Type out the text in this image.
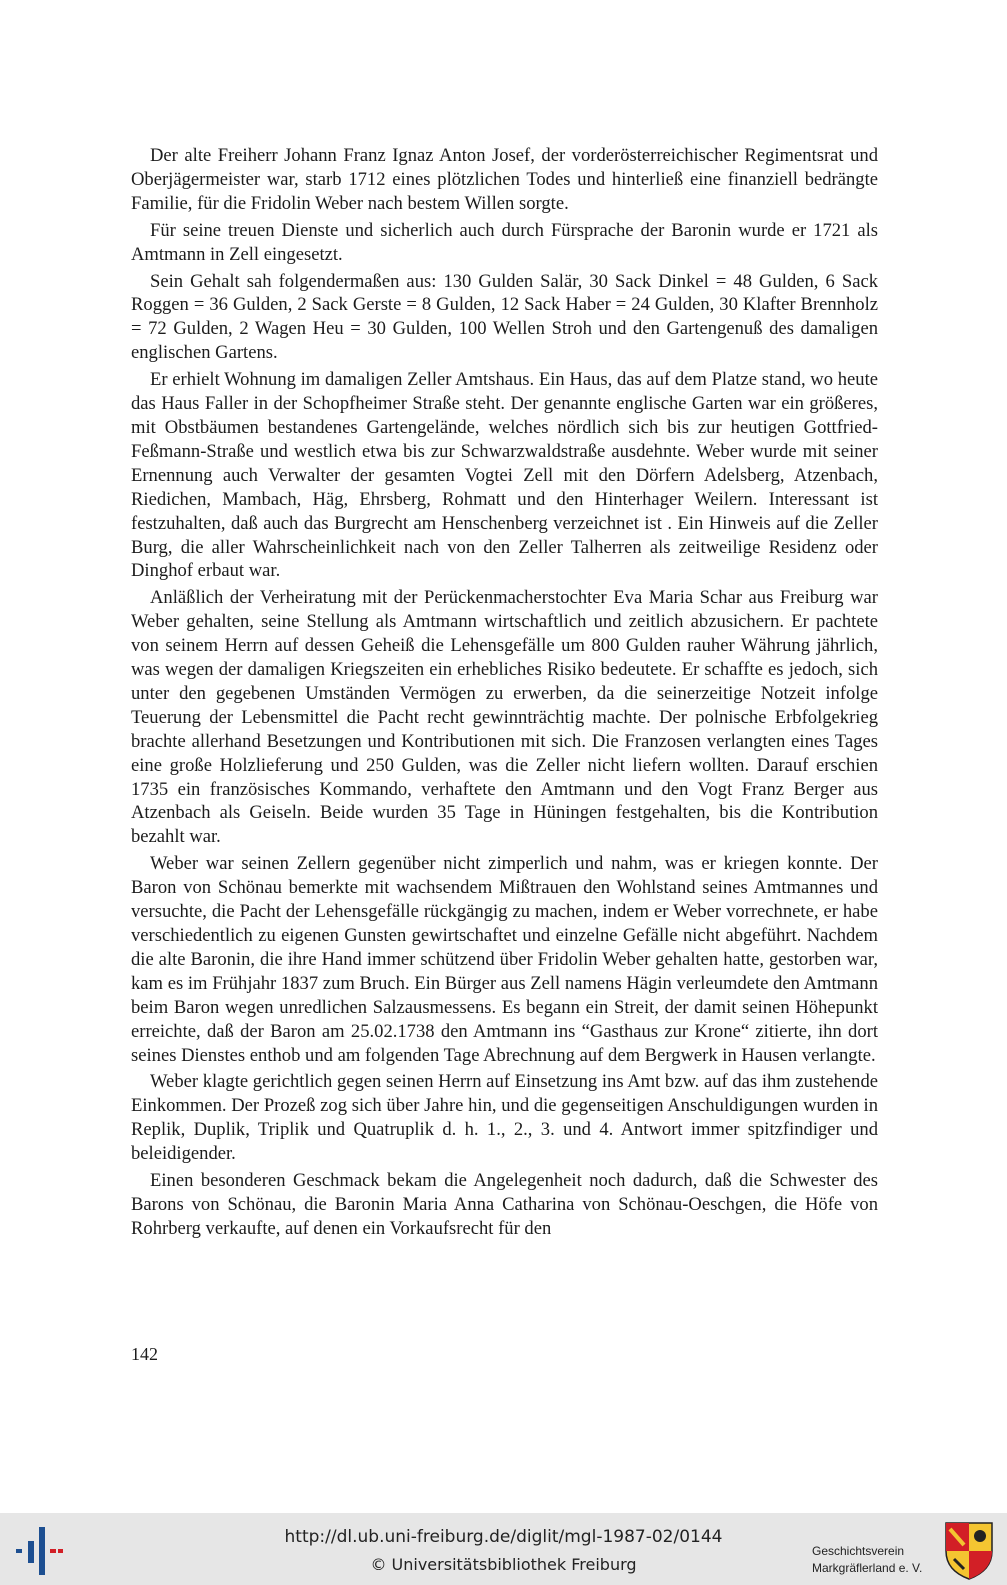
Der alte Freiherr Johann Franz Ignaz Anton Josef, der vorderösterreichischer Regimentsrat und Oberjägermeister war, starb 1712 eines plötzlichen Todes und hinterließ eine finanziell bedrängte Familie, für die Fridolin Weber nach bestem Willen sorgte.

Für seine treuen Dienste und sicherlich auch durch Fürsprache der Baronin wurde er 1721 als Amtmann in Zell eingesetzt.

Sein Gehalt sah folgendermaßen aus: 130 Gulden Salär, 30 Sack Dinkel = 48 Gulden, 6 Sack Roggen = 36 Gulden, 2 Sack Gerste = 8 Gulden, 12 Sack Haber = 24 Gulden, 30 Klafter Brennholz = 72 Gulden, 2 Wagen Heu = 30 Gulden, 100 Wellen Stroh und den Gartengenuß des damaligen englischen Gartens.

Er erhielt Wohnung im damaligen Zeller Amtshaus. Ein Haus, das auf dem Platze stand, wo heute das Haus Faller in der Schopfheimer Straße steht. Der genannte englische Garten war ein größeres, mit Obstbäumen bestandenes Gartengelände, welches nördlich sich bis zur heutigen Gottfried-Feßmann-Straße und westlich etwa bis zur Schwarzwaldstraße ausdehnte. Weber wurde mit seiner Ernennung auch Verwalter der gesamten Vogtei Zell mit den Dörfern Adelsberg, Atzenbach, Riedichen, Mambach, Häg, Ehrsberg, Rohmatt und den Hinterhager Weilern. Interessant ist festzuhalten, daß auch das Burgrecht am Henschenberg verzeichnet ist . Ein Hinweis auf die Zeller Burg, die aller Wahrscheinlichkeit nach von den Zeller Talherren als zeitweilige Residenz oder Dinghof erbaut war.

Anläßlich der Verheiratung mit der Perückenmacherstochter Eva Maria Schar aus Freiburg war Weber gehalten, seine Stellung als Amtmann wirtschaftlich und zeitlich abzusichern. Er pachtete von seinem Herrn auf dessen Geheiß die Lehensgefälle um 800 Gulden rauher Währung jährlich, was wegen der damaligen Kriegszeiten ein erhebliches Risiko bedeutete. Er schaffte es jedoch, sich unter den gegebenen Umständen Vermögen zu erwerben, da die seinerzeitige Notzeit infolge Teuerung der Lebensmittel die Pacht recht gewinnträchtig machte. Der polnische Erbfolgekrieg brachte allerhand Besetzungen und Kontributionen mit sich. Die Franzosen verlangten eines Tages eine große Holzlieferung und 250 Gulden, was die Zeller nicht liefern wollten. Darauf erschien 1735 ein französisches Kommando, verhaftete den Amtmann und den Vogt Franz Berger aus Atzenbach als Geiseln. Beide wurden 35 Tage in Hüningen festgehalten, bis die Kontribution bezahlt war.

Weber war seinen Zellern gegenüber nicht zimperlich und nahm, was er kriegen konnte. Der Baron von Schönau bemerkte mit wachsendem Mißtrauen den Wohlstand seines Amtmannes und versuchte, die Pacht der Lehensgefälle rückgängig zu machen, indem er Weber vorrechnete, er habe verschiedentlich zu eigenen Gunsten gewirtschaftet und einzelne Gefälle nicht abgeführt. Nachdem die alte Baronin, die ihre Hand immer schützend über Fridolin Weber gehalten hatte, gestorben war, kam es im Frühjahr 1837 zum Bruch. Ein Bürger aus Zell namens Hägin verleumdete den Amtmann beim Baron wegen unredlichen Salzausmessens. Es begann ein Streit, der damit seinen Höhepunkt erreichte, daß der Baron am 25.02.1738 den Amtmann ins “Gasthaus zur Krone“ zitierte, ihn dort seines Dienstes enthob und am folgenden Tage Abrechnung auf dem Bergwerk in Hausen verlangte.

Weber klagte gerichtlich gegen seinen Herrn auf Einsetzung ins Amt bzw. auf das ihm zustehende Einkommen. Der Prozeß zog sich über Jahre hin, und die gegenseitigen Anschuldigungen wurden in Replik, Duplik, Triplik und Quatruplik d. h. 1., 2., 3. und 4. Antwort immer spitzfindiger und beleidigender.

Einen besonderen Geschmack bekam die Angelegenheit noch dadurch, daß die Schwester des Barons von Schönau, die Baronin Maria Anna Catharina von Schönau-Oeschgen, die Höfe von Rohrberg verkaufte, auf denen ein Vorkaufsrecht für den

142
http://dl.ub.uni-freiburg.de/diglit/mgl-1987-02/0144
© Universitätsbibliothek Freiburg
Geschichtsverein
Markgräflerland e. V.
